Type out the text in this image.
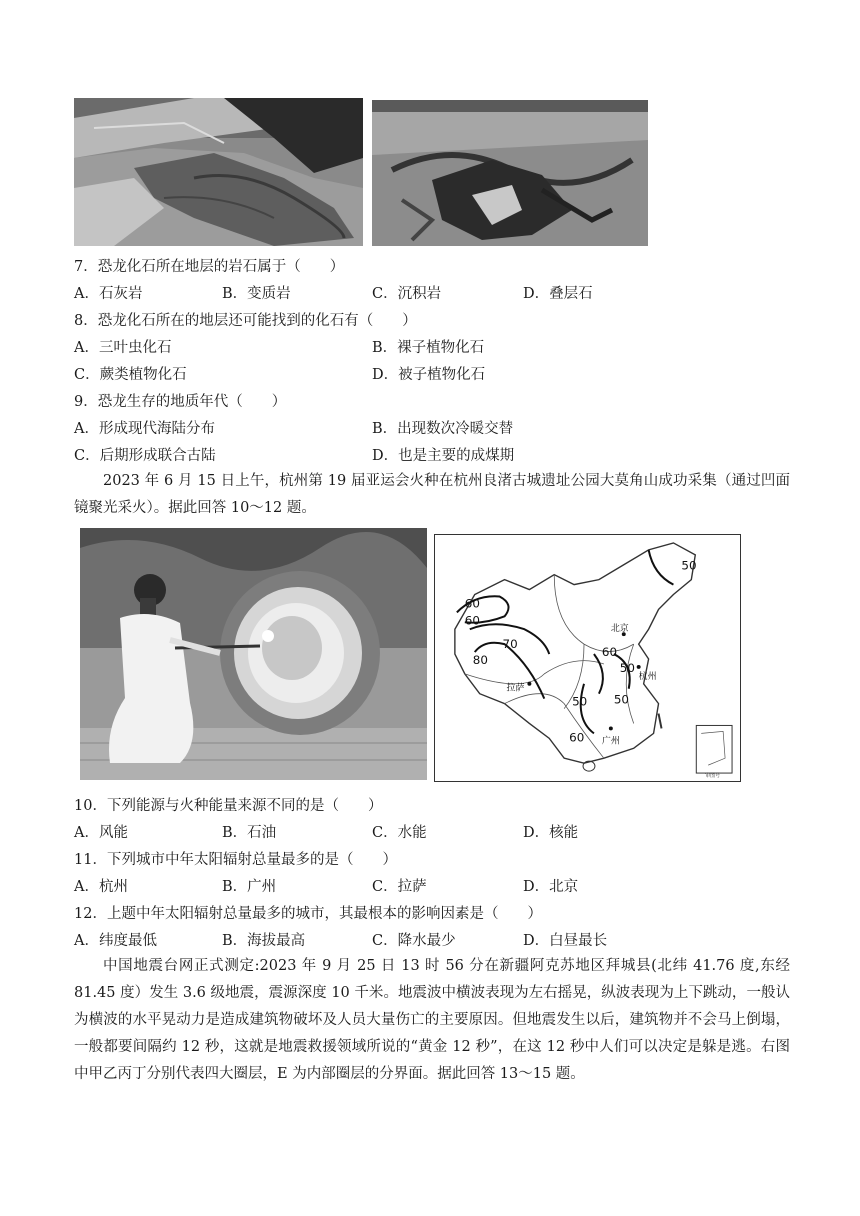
7．恐龙化石所在地层的岩石属于（　　）
A．石灰岩	B．变质岩	C．沉积岩	D．叠层石
8．恐龙化石所在的地层还可能找到的化石有（　　）
A．三叶虫化石	B．裸子植物化石
C．蕨类植物化石	D．被子植物化石
9．恐龙生存的地质年代（　　）
A．形成现代海陆分布	B．出现数次冷暖交替
C．后期形成联合古陆	D．也是主要的成煤期
2023 年 6 月 15 日上午，杭州第 19 届亚运会火种在杭州良渚古城遗址公园大莫角山成功采集（通过凹面镜聚光采火）。据此回答 10～12 题。
60
60
70
80
50
60
50
50 50
60
北京
拉萨
杭州
广州
审图号
10．下列能源与火种能量来源不同的是（　　）
A．风能	B．石油	C．水能	D．核能
11．下列城市中年太阳辐射总量最多的是（　　）
A．杭州	B．广州	C．拉萨	D．北京
12．上题中年太阳辐射总量最多的城市，其最根本的影响因素是（　　）
A．纬度最低	B．海拔最高	C．降水最少	D．白昼最长
中国地震台网正式测定:2023 年 9 月 25 日 13 时 56 分在新疆阿克苏地区拜城县(北纬 41.76 度,东经 81.45 度）发生 3.6 级地震，震源深度 10 千米。地震波中横波表现为左右摇晃，纵波表现为上下跳动，一般认为横波的水平晃动力是造成建筑物破坏及人员大量伤亡的主要原因。但地震发生以后，建筑物并不会马上倒塌，一般都要间隔约 12 秒，这就是地震救援领域所说的“黄金 12 秒”，在这 12 秒中人们可以决定是躲是逃。右图中甲乙丙丁分别代表四大圈层，E 为内部圈层的分界面。据此回答 13～15 题。
